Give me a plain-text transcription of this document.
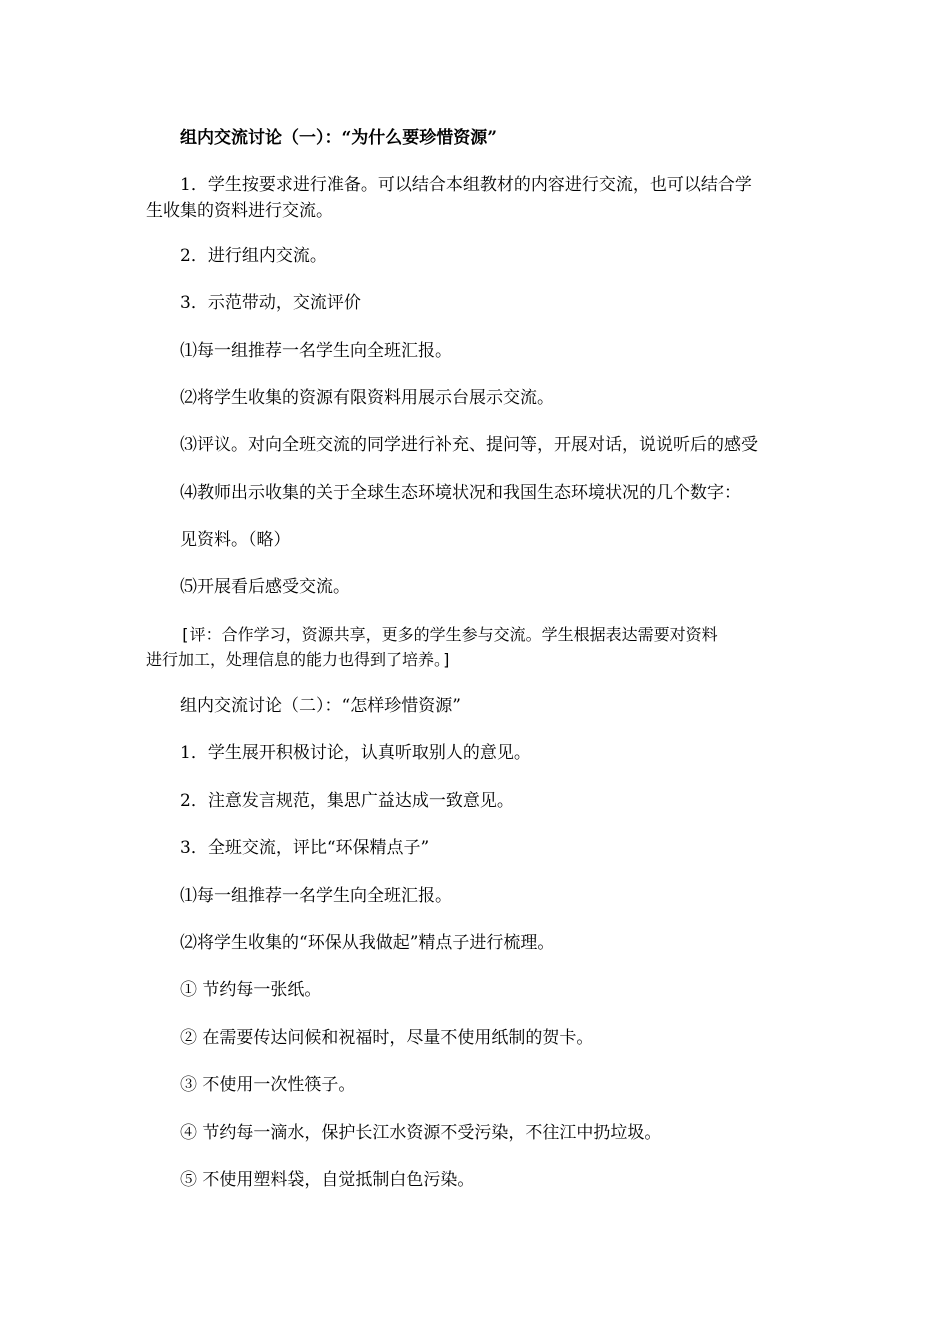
组内交流讨论（一）：“为什么要珍惜资源”
1．学生按要求进行准备。可以结合本组教材的内容进行交流，也可以结合学
生收集的资料进行交流。
2．进行组内交流。
3．示范带动，交流评价
⑴每一组推荐一名学生向全班汇报。
⑵将学生收集的资源有限资料用展示台展示交流。
⑶评议。对向全班交流的同学进行补充、提问等，开展对话，说说听后的感受
⑷教师出示收集的关于全球生态环境状况和我国生态环境状况的几个数字：
见资料。（略）
⑸开展看后感受交流。
[评：合作学习，资源共享，更多的学生参与交流。学生根据表达需要对资料
进行加工，处理信息的能力也得到了培养。]
组内交流讨论（二）：“怎样珍惜资源”
1．学生展开积极讨论，认真听取别人的意见。
2．注意发言规范，集思广益达成一致意见。
3．全班交流，评比“环保精点子”
⑴每一组推荐一名学生向全班汇报。
⑵将学生收集的“环保从我做起”精点子进行梳理。
① 节约每一张纸。
② 在需要传达问候和祝福时，尽量不使用纸制的贺卡。
③ 不使用一次性筷子。
④ 节约每一滴水，保护长江水资源不受污染，不往江中扔垃圾。
⑤ 不使用塑料袋，自觉抵制白色污染。
